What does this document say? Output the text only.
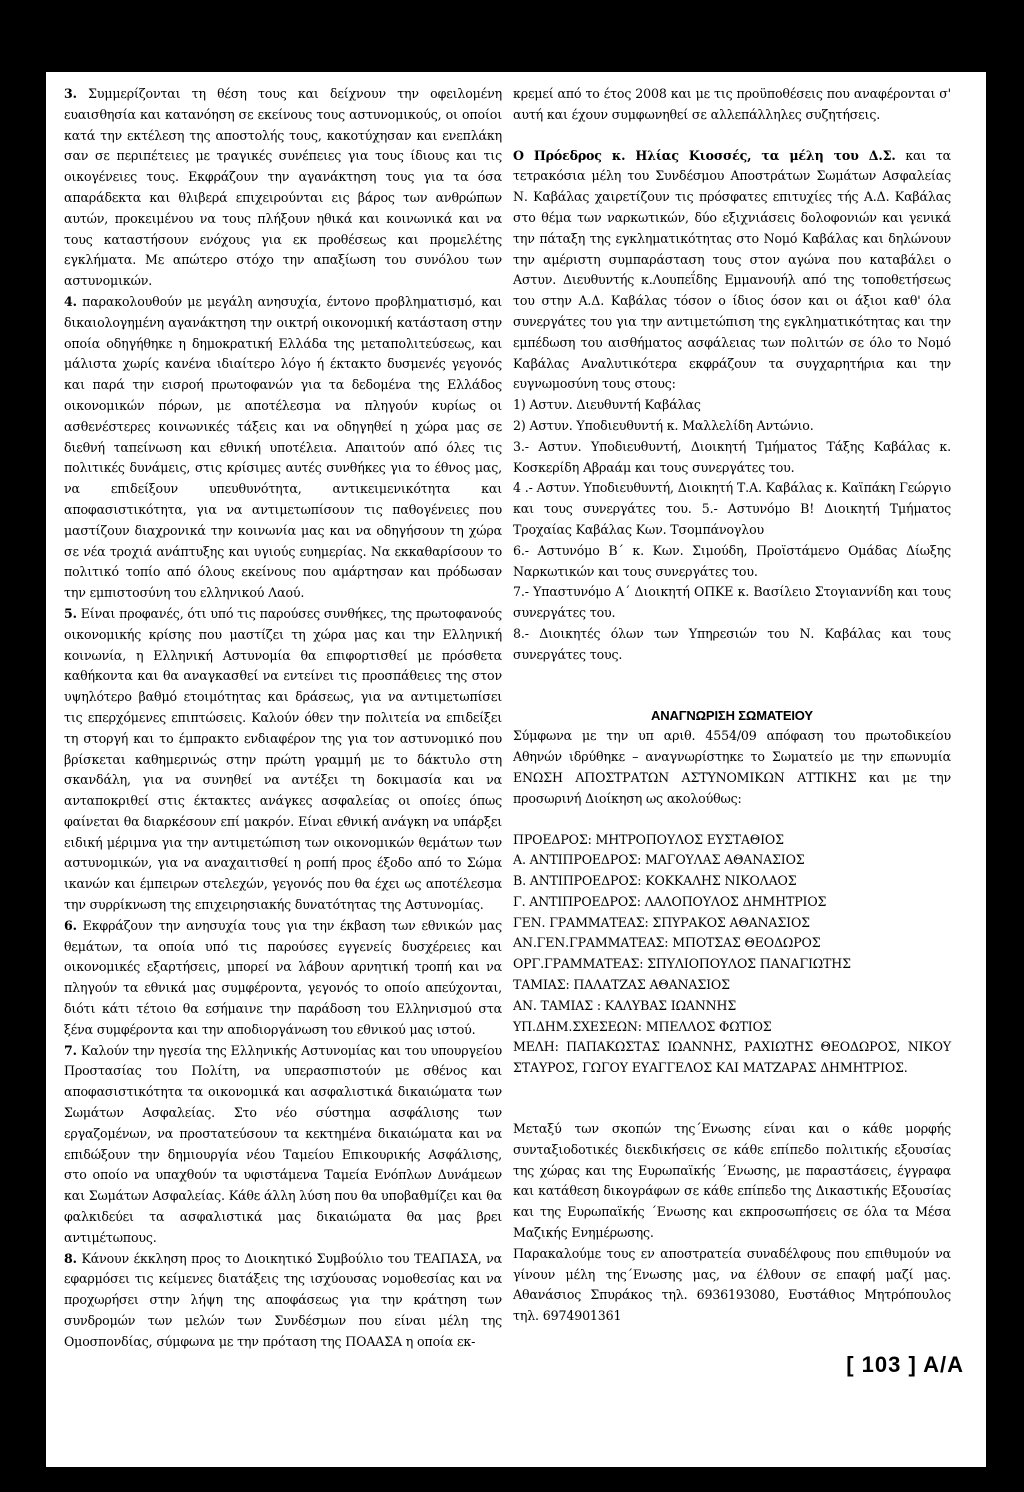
3. Συμμερίζονται τη θέση τους και δείχνουν την οφειλομένη ευαισθησία και κατανόηση σε εκείνους τους αστυνομικούς, οι οποίοι κατά την εκτέλεση της αποστολής τους, κακοτύχησαν και ενεπλάκη σαν σε περιπέτειες με τραγικές συνέπειες για τους ίδιους και τις οικογένειες τους. Εκφράζουν την αγανάκτηση τους για τα όσα απαράδεκτα και θλιβερά επιχειρούνται εις βάρος των ανθρώπων αυτών, προκειμένου να τους πλήξουν ηθικά και κοινωνικά και να τους καταστήσουν ενόχους για εκ προθέσεως και προμελέτης εγκλήματα. Με απώτερο στόχο την απαξίωση του συνόλου των αστυνομικών.

4. παρακολουθούν με μεγάλη ανησυχία, έντονο προβληματισμό, και δικαιολογημένη αγανάκτηση την οικτρή οικονομική κατάσταση στην οποία οδηγήθηκε η δημοκρατική Ελλάδα της μεταπολιτεύσεως, και μάλιστα χωρίς κανένα ιδιαίτερο λόγο ή έκτακτο δυσμενές γεγονός και παρά την εισροή πρωτοφανών για τα δεδομένα της Ελλάδος οικονομικών πόρων, με αποτέλεσμα να πληγούν κυρίως οι ασθενέστερες κοινωνικές τάξεις και να οδηγηθεί η χώρα μας σε διεθνή ταπείνωση και εθνική υποτέλεια. Απαιτούν από όλες τις πολιτικές δυνάμεις, στις κρίσιμες αυτές συνθήκες για το έθνος μας, να επιδείξουν υπευθυνότητα, αντικειμενικότητα και αποφασιστικότητα, για να αντιμετωπίσουν τις παθογένειες που μαστίζουν διαχρονικά την κοινωνία μας και να οδηγήσουν τη χώρα σε νέα τροχιά ανάπτυξης και υγιούς ευημερίας. Να εκκαθαρίσουν το πολιτικό τοπίο από όλους εκείνους που αμάρτησαν και πρόδωσαν την εμπιστοσύνη του ελληνικού Λαού.

5. Είναι προφανές, ότι υπό τις παρούσες συνθήκες, της πρωτοφανούς οικονομικής κρίσης που μαστίζει τη χώρα μας και την Ελληνική κοινωνία, η Ελληνική Αστυνομία θα επιφορτισθεί με πρόσθετα καθήκοντα και θα αναγκασθεί να εντείνει τις προσπάθειες της στον υψηλότερο βαθμό ετοιμότητας και δράσεως, για να αντιμετωπίσει τις επερχόμενες επιπτώσεις. Καλούν όθεν την πολιτεία να επιδείξει τη στοργή και το έμπρακτο ενδιαφέρον της για τον αστυνομικό που βρίσκεται καθημερινώς στην πρώτη γραμμή με το δάκτυλο στη σκανδάλη, για να συνηθεί να αντέξει τη δοκιμασία και να ανταποκριθεί στις έκτακτες ανάγκες ασφαλείας οι οποίες όπως φαίνεται θα διαρκέσουν επί μακρόν. Είναι εθνική ανάγκη να υπάρξει ειδική μέριμνα για την αντιμετώπιση των οικονομικών θεμάτων των αστυνομικών, για να αναχαιτισθεί η ροπή προς έξοδο από το Σώμα ικανών και έμπειρων στελεχών, γεγονός που θα έχει ως αποτέλεσμα την συρρίκνωση της επιχειρησιακής δυνατότητας της Αστυνομίας.

6. Εκφράζουν την ανησυχία τους για την έκβαση των εθνικών μας θεμάτων, τα οποία υπό τις παρούσες εγγενείς δυσχέρειες και οικονομικές εξαρτήσεις, μπορεί να λάβουν αρνητική τροπή και να πληγούν τα εθνικά μας συμφέροντα, γεγονός το οποίο απεύχονται, διότι κάτι τέτοιο θα εσήμαινε την παράδοση του Ελληνισμού στα ξένα συμφέροντα και την αποδιοργάνωση του εθνικού μας ιστού.

7. Καλούν την ηγεσία της Ελληνικής Αστυνομίας και του υπουργείου Προστασίας του Πολίτη, να υπερασπιστούν με σθένος και αποφασιστικότητα τα οικονομικά και ασφαλιστικά δικαιώματα των Σωμάτων Ασφαλείας. Στο νέο σύστημα ασφάλισης των εργαζομένων, να προστατεύσουν τα κεκτημένα δικαιώματα και να επιδώξουν την δημιουργία νέου Ταμείου Επικουρικής Ασφάλισης, στο οποίο να υπαχθούν τα υφιστάμενα Ταμεία Ενόπλων Δυνάμεων και Σωμάτων Ασφαλείας. Κάθε άλλη λύση που θα υποβαθμίζει και θα φαλκιδεύει τα ασφαλιστικά μας δικαιώματα θα μας βρει αντιμέτωπους.

8. Κάνουν έκκληση προς το Διοικητικό Συμβούλιο του ΤΕΑΠΑΣΑ, να εφαρμόσει τις κείμενες διατάξεις της ισχύουσας νομοθεσίας και να προχωρήσει στην λήψη της αποφάσεως για την κράτηση των συνδρομών των μελών των Συνδέσμων που είναι μέλη της Ομοσπονδίας, σύμφωνα με την πρόταση της ΠΟΑΑΣΑ η οποία εκ-

κρεμεί από το έτος 2008 και με τις προϋποθέσεις που αναφέρονται σ' αυτή και έχουν συμφωνηθεί σε αλλεπάλληλες συζητήσεις.

Ο Πρόεδρος κ. Ηλίας Κιοσσές, τα μέλη του Δ.Σ. και τα τετρακόσια μέλη του Συνδέσμου Αποστράτων Σωμάτων Ασφαλείας Ν. Καβάλας χαιρετίζουν τις πρόσφατες επιτυχίες τής Α.Δ. Καβάλας στο θέμα των ναρκωτικών, δύο εξιχνιάσεις δολοφονιών και γενικά την πάταξη της εγκληματικότητας στο Νομό Καβάλας και δηλώνουν την αμέριστη συμπαράσταση τους στον αγώνα που καταβάλει ο Αστυν. Διευθυντής κ.Λουπεΐδης Εμμανουήλ από της τοποθετήσεως του στην Α.Δ. Καβάλας τόσον ο ίδιος όσον και οι άξιοι καθ' όλα συνεργάτες του για την αντιμετώπιση της εγκληματικότητας και την εμπέδωση του αισθήματος ασφάλειας των πολιτών σε όλο το Νομό Καβάλας Αναλυτικότερα εκφράζουν τα συγχαρητήρια και την ευγνωμοσύνη τους στους:

1) Αστυν. Διευθυντή Καβάλας

2) Αστυν. Υποδιευθυντή κ. Μαλλελίδη Αντώνιο.

3.- Αστυν. Υποδιευθυντή, Διοικητή Τμήματος Τάξης Καβάλας κ. Κοσκερίδη Αβραάμ και τους συνεργάτες του.

4 .- Αστυν. Υποδιευθυντή, Διοικητή Τ.Α. Καβάλας κ. Καϊπάκη Γεώργιο και τους συνεργάτες του. 5.- Αστυνόμο Β! Διοικητή Τμήματος Τροχαίας Καβάλας Κων. Τσομπάνογλου

6.- Αστυνόμο Β΄ κ. Κων. Σιμούδη, Προϊστάμενο Ομάδας Δίωξης Ναρκωτικών και τους συνεργάτες του.

7.- Υπαστυνόμο Α΄ Διοικητή ΟΠΚΕ κ. Βασίλειο Στογιαννίδη και τους συνεργάτες του.

8.- Διοικητές όλων των Υπηρεσιών του Ν. Καβάλας και τους συνεργάτες τους.

ΑΝΑΓΝΩΡΙΣΗ ΣΩΜΑΤΕΙΟΥ

Σύμφωνα με την υπ αριθ. 4554/09 απόφαση του πρωτοδικείου Αθηνών ιδρύθηκε – αναγνωρίστηκε το Σωματείο με την επωνυμία ΕΝΩΣΗ ΑΠΟΣΤΡΑΤΩΝ ΑΣΤΥΝΟΜΙΚΩΝ ΑΤΤΙΚΗΣ και με την προσωρινή Διοίκηση ως ακολούθως:

ΠΡΟΕΔΡΟΣ: ΜΗΤΡΟΠΟΥΛΟΣ ΕΥΣΤΑΘΙΟΣ

Α. ΑΝΤΙΠΡΟΕΔΡΟΣ: ΜΑΓΟΥΛΑΣ ΑΘΑΝΑΣΙΟΣ

Β. ΑΝΤΙΠΡΟΕΔΡΟΣ: ΚΟΚΚΑΛΗΣ ΝΙΚΟΛΑΟΣ

Γ. ΑΝΤΙΠΡΟΕΔΡΟΣ: ΛΑΛΟΠΟΥΛΟΣ ΔΗΜΗΤΡΙΟΣ

ΓΕΝ. ΓΡΑΜΜΑΤΕΑΣ: ΣΠΥΡΑΚΟΣ ΑΘΑΝΑΣΙΟΣ

ΑΝ.ΓΕΝ.ΓΡΑΜΜΑΤΕΑΣ: ΜΠΟΤΣΑΣ ΘΕΟΔΩΡΟΣ

ΟΡΓ.ΓΡΑΜΜΑΤΕΑΣ: ΣΠΥΛΙΟΠΟΥΛΟΣ ΠΑΝΑΓΙΩΤΗΣ

ΤΑΜΙΑΣ: ΠΑΛΑΤΖΑΣ ΑΘΑΝΑΣΙΟΣ

ΑΝ. ΤΑΜΙΑΣ : ΚΑΛΥΒΑΣ ΙΩΑΝΝΗΣ

ΥΠ.ΔΗΜ.ΣΧΕΣΕΩΝ: ΜΠΕΛΛΟΣ ΦΩΤΙΟΣ

ΜΕΛΗ: ΠΑΠΑΚΩΣΤΑΣ ΙΩΑΝΝΗΣ, ΡΑΧΙΩΤΗΣ ΘΕΟΔΩΡΟΣ, ΝΙΚΟΥ ΣΤΑΥΡΟΣ, ΓΩΓΟΥ ΕΥΑΓΓΕΛΟΣ ΚΑΙ ΜΑΤΖΑΡΑΣ ΔΗΜΗΤΡΙΟΣ.

Μεταξύ των σκοπών της΄Ενωσης είναι και ο κάθε μορφής συνταξιοδοτικές διεκδικήσεις σε κάθε επίπεδο πολιτικής εξουσίας της χώρας και της Ευρωπαϊκής ΄Ενωσης, με παραστάσεις, έγγραφα και κατάθεση δικογράφων σε κάθε επίπεδο της Δικαστικής Εξουσίας και της Ευρωπαϊκής ΄Ενωσης και εκπροσωπήσεις σε όλα τα Μέσα Μαζικής Ενημέρωσης.

Παρακαλούμε τους εν αποστρατεία συναδέλφους που επιθυμούν να γίνουν μέλη της΄Ενωσης μας, να έλθουν σε επαφή μαζί μας. Αθανάσιος Σπυράκος τηλ. 6936193080, Ευστάθιος Μητρόπουλος τηλ. 6974901361

[ 103 ] Α/Α
